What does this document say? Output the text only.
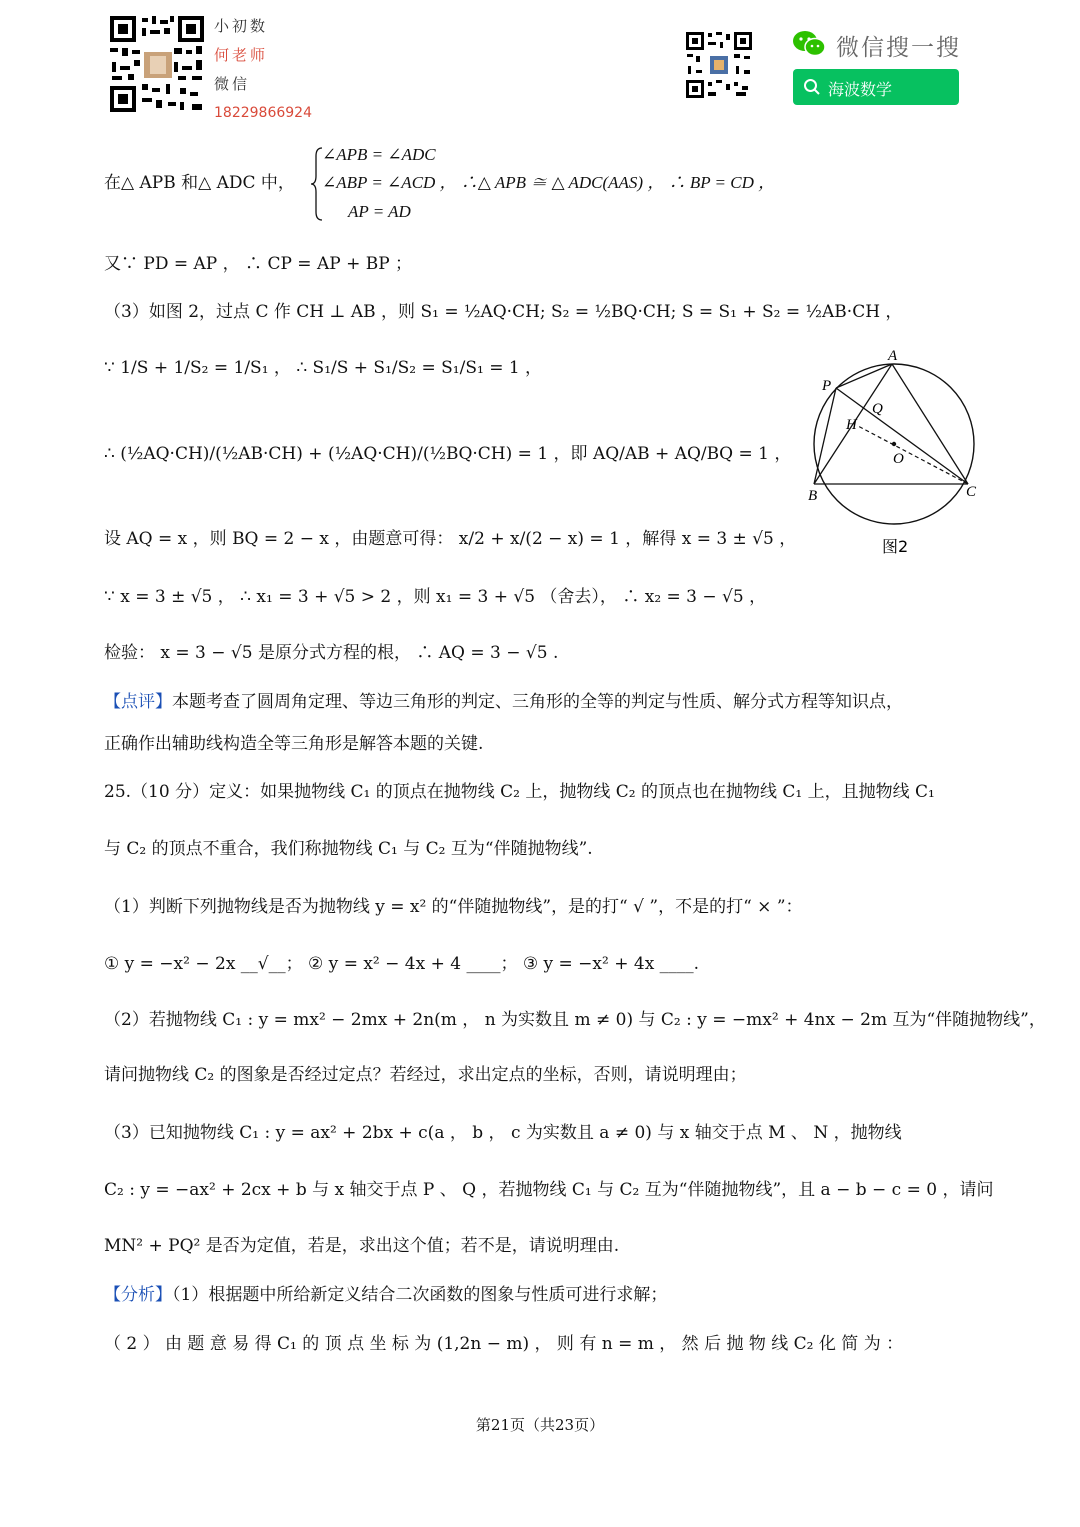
小初数
何老师
微信
18229866924
微信搜一搜
海波数学
在△ APB 和△ ADC 中，
∠APB = ∠ADC
∠ABP = ∠ACD ， ∴△ APB ≅ △ ADC(AAS) ， ∴ BP = CD ，
AP = AD
又∵ PD = AP ， ∴ CP = AP + BP ；
（3）如图 2，过点 C 作 CH ⊥ AB ，则 S₁ = ½AQ·CH; S₂ = ½BQ·CH; S = S₁ + S₂ = ½AB·CH ，
∵ 1/S + 1/S₂ = 1/S₁ ， ∴ S₁/S + S₁/S₂ = S₁/S₁ = 1 ，
∴ (½AQ·CH)/(½AB·CH) + (½AQ·CH)/(½BQ·CH) = 1 ，即 AQ/AB + AQ/BQ = 1 ，
设 AQ = x ，则 BQ = 2 − x ，由题意可得： x/2 + x/(2 − x) = 1 ，解得 x = 3 ± √5 ，
∵ x = 3 ± √5 ， ∴ x₁ = 3 + √5 > 2 ，则 x₁ = 3 + √5 （舍去）， ∴ x₂ = 3 − √5 ，
检验： x = 3 − √5 是原分式方程的根， ∴ AQ = 3 − √5 .
A
P
Q
H
O
B	C
图2
【点评】本题考查了圆周角定理、等边三角形的判定、三角形的全等的判定与性质、解分式方程等知识点，
正确作出辅助线构造全等三角形是解答本题的关键.
25.（10 分）定义：如果抛物线 C₁ 的顶点在抛物线 C₂ 上，抛物线 C₂ 的顶点也在抛物线 C₁ 上，且抛物线 C₁
与 C₂ 的顶点不重合，我们称抛物线 C₁ 与 C₂ 互为“伴随抛物线”.
（1）判断下列抛物线是否为抛物线 y = x² 的“伴随抛物线”，是的打“ √ ”，不是的打“ × ”：
① y = −x² − 2x __√__； ② y = x² − 4x + 4 ____； ③ y = −x² + 4x ____.
（2）若抛物线 C₁ : y = mx² − 2mx + 2n(m ， n 为实数且 m ≠ 0) 与 C₂ : y = −mx² + 4nx − 2m 互为“伴随抛物线”，
请问抛物线 C₂ 的图象是否经过定点？若经过，求出定点的坐标，否则，请说明理由；
（3）已知抛物线 C₁ : y = ax² + 2bx + c(a ， b ， c 为实数且 a ≠ 0) 与 x 轴交于点 M 、 N ，抛物线
C₂ : y = −ax² + 2cx + b 与 x 轴交于点 P 、 Q ，若抛物线 C₁ 与 C₂ 互为“伴随抛物线”，且 a − b − c = 0 ，请问
MN² + PQ² 是否为定值，若是，求出这个值；若不是，请说明理由.
【分析】（1）根据题中所给新定义结合二次函数的图象与性质可进行求解；
（ 2 ） 由 题 意 易 得 C₁ 的 顶 点 坐 标 为 (1,2n − m) ， 则 有 n = m ， 然 后 抛 物 线 C₂ 化 简 为 ：
第21页（共23页）
